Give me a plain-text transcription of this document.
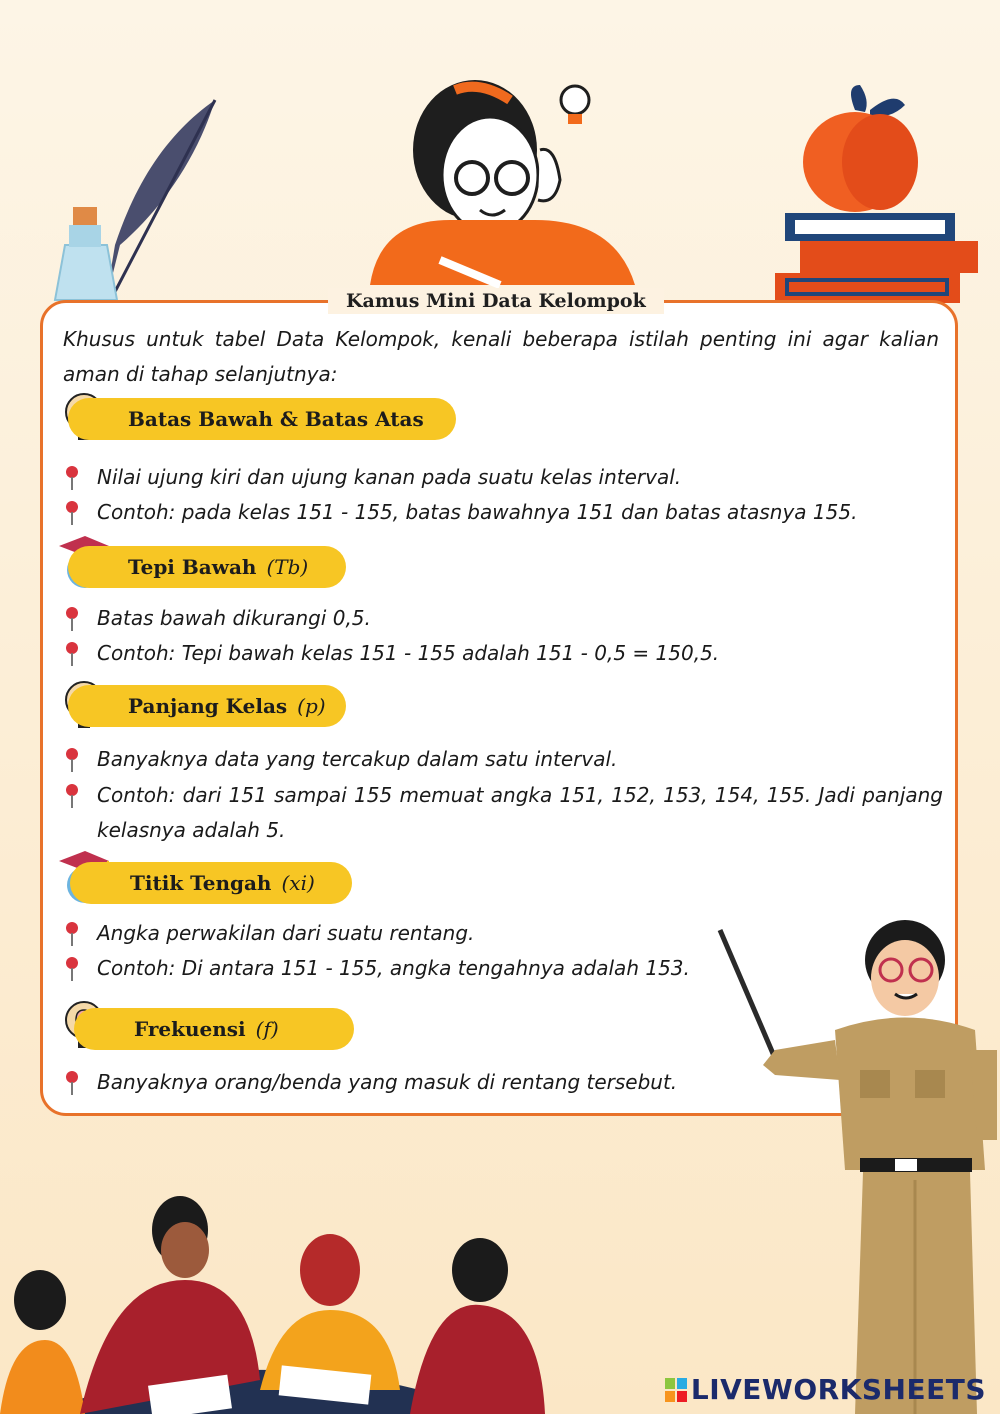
Kamus Mini Data Kelompok
Khusus untuk tabel Data Kelompok, kenali beberapa istilah penting ini agar kalian aman di tahap selanjutnya:
Batas Bawah & Batas Atas
Nilai ujung kiri dan ujung kanan pada suatu kelas interval.
Contoh: pada kelas 151 - 155, batas bawahnya 151 dan batas atasnya 155.
Tepi Bawah (Tb)
Batas bawah dikurangi 0,5.
Contoh: Tepi bawah kelas 151 - 155 adalah 151 - 0,5 = 150,5.
Panjang Kelas (p)
Banyaknya data yang tercakup dalam satu interval.
Contoh: dari 151 sampai 155 memuat angka 151, 152, 153, 154, 155. Jadi panjang kelasnya adalah 5.
Titik Tengah (xi)
Angka perwakilan dari suatu rentang.
Contoh: Di antara 151 - 155, angka tengahnya adalah 153.
Frekuensi (f)
Banyaknya orang/benda yang masuk di rentang tersebut.
LIVEWORKSHEETS
